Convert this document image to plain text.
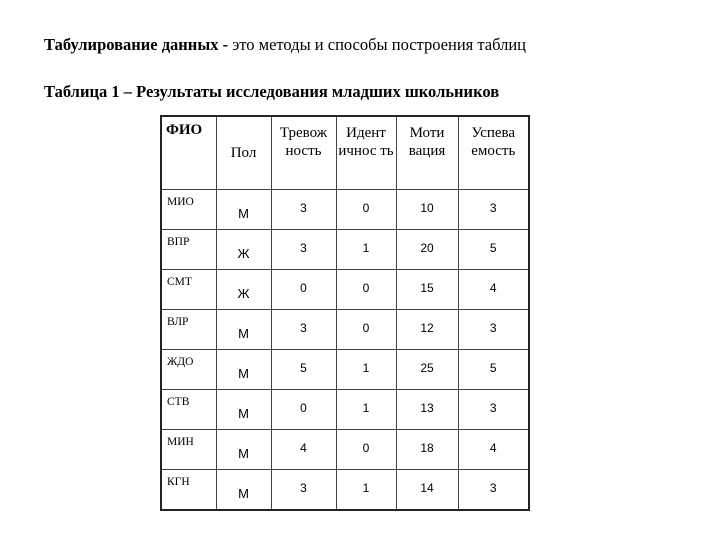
Табулирование данных - это методы и способы построения таблиц
Таблица 1 – Результаты исследования младших школьников
ФИО	Пол	Тревож ность	Идент ичнос ть	Моти вация	Успева емость
МИО	М	3	0	10	3
ВПР	Ж	3	1	20	5
СМТ	Ж	0	0	15	4
ВЛР	М	3	0	12	3
ЖДО	М	5	1	25	5
СТВ	М	0	1	13	3
МИН	М	4	0	18	4
КГН	М	3	1	14	3
